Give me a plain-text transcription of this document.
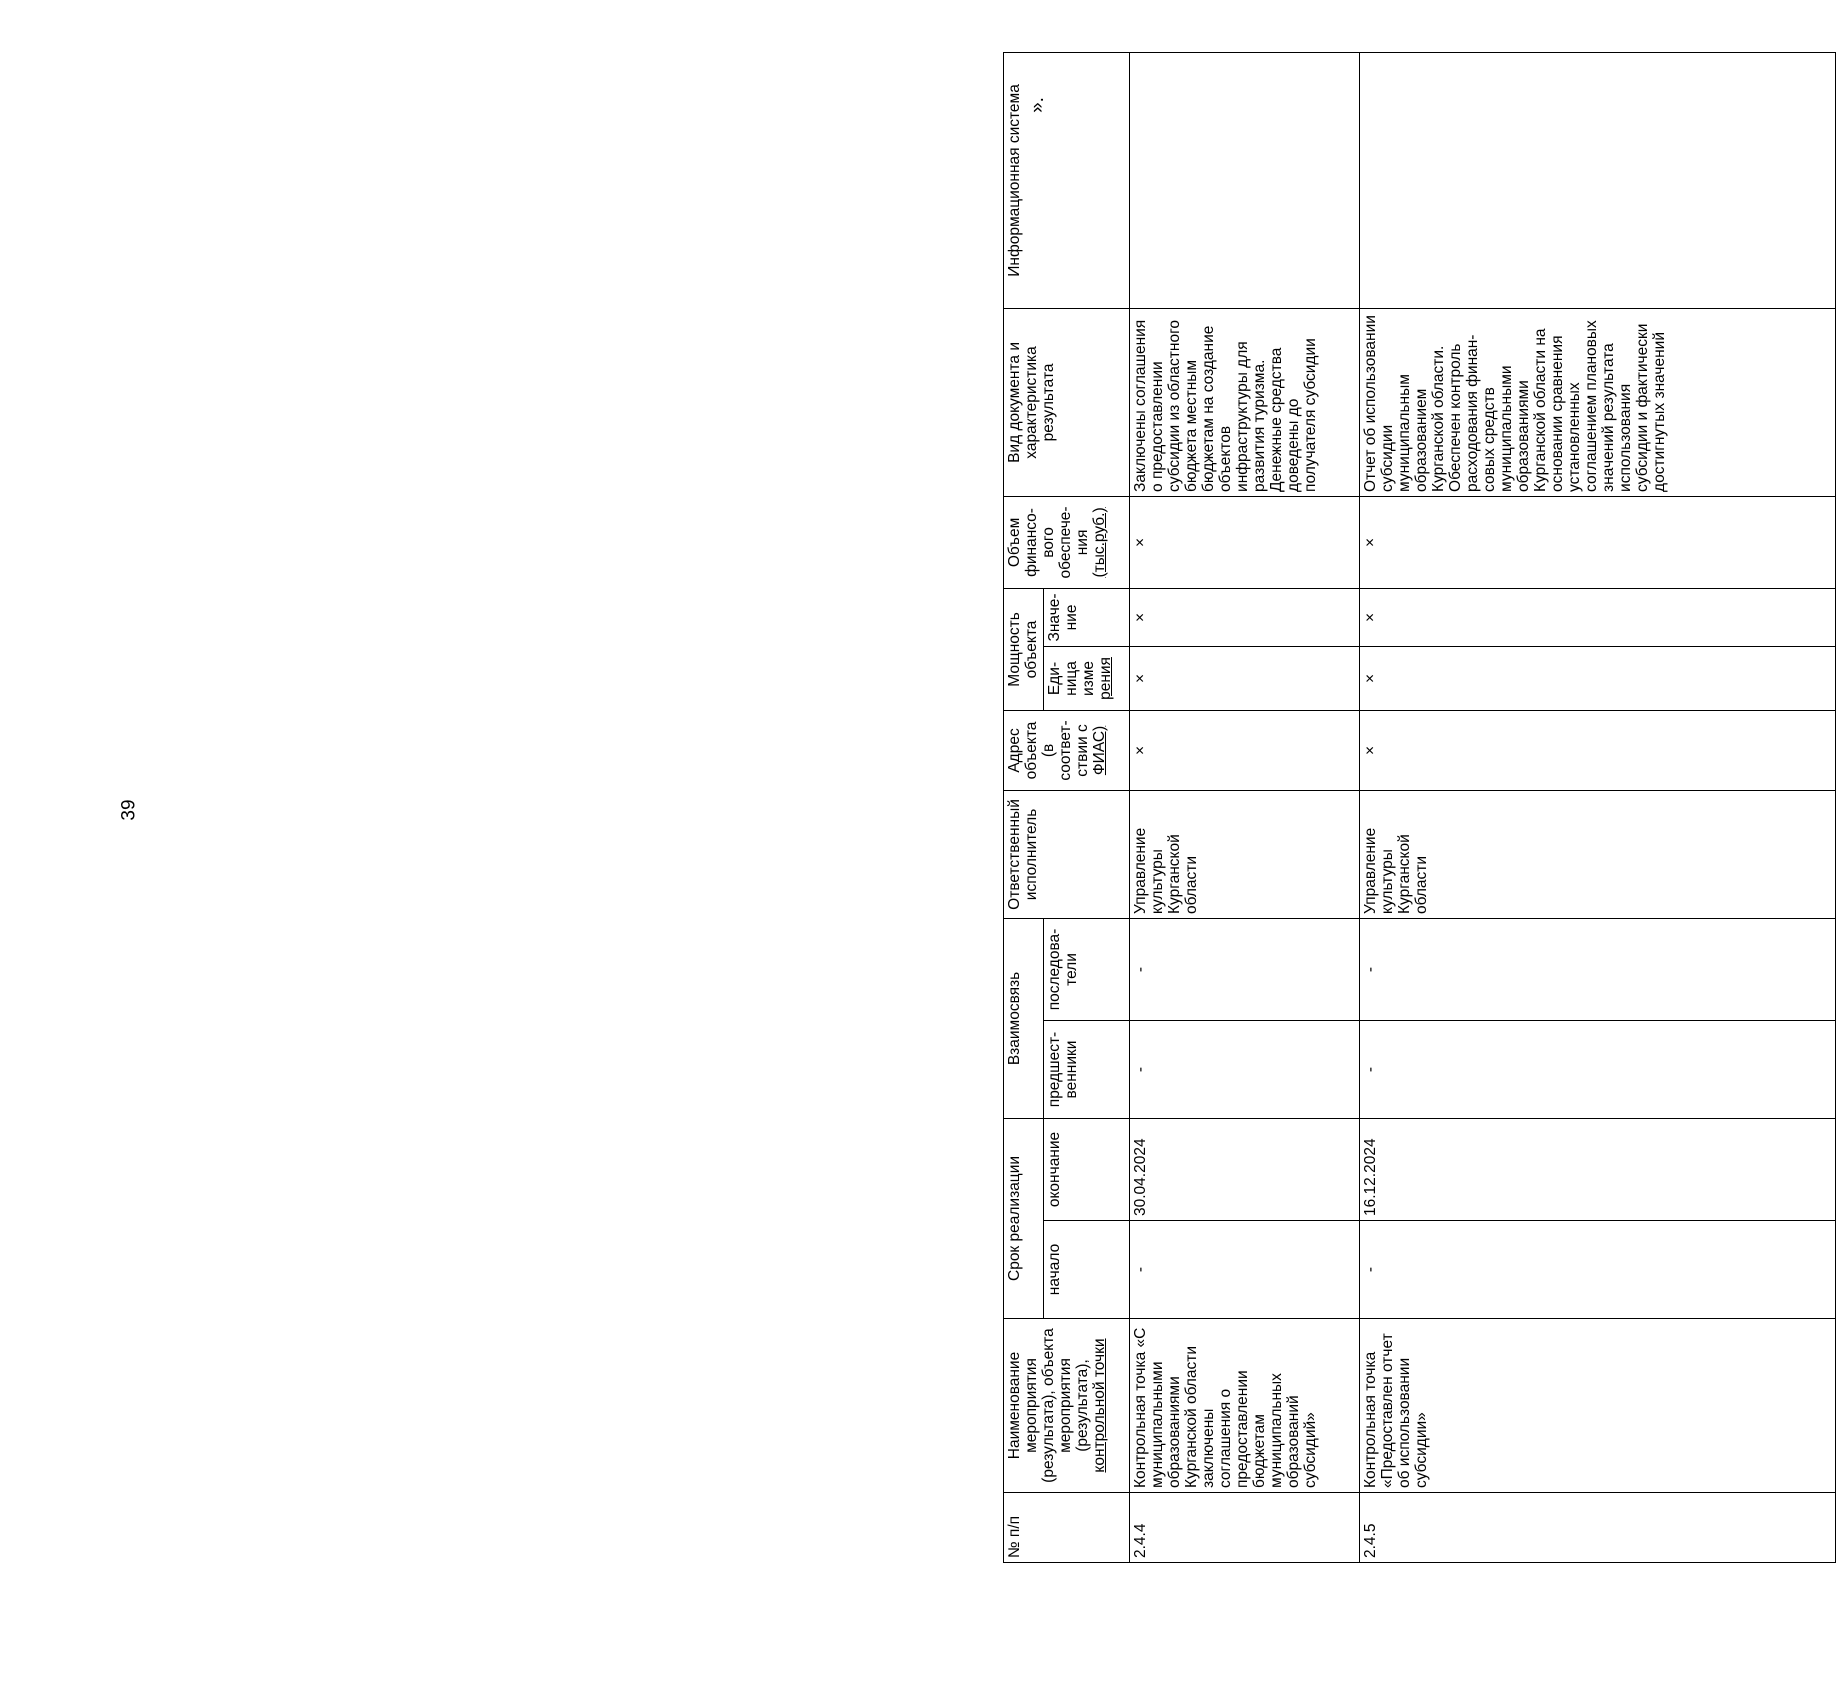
39
№ п/п	Наименование мероприятия (результата), объекта мероприятия (результата), контрольной точки	Срок реализации		Взаимосвязь		Ответственный исполнитель	Адрес объекта (в соответствии с ФИАС)	Мощность объекта		Объем финансового обеспечения (тыс.руб.)	Вид документа и характеристика результата	Информационная система
		начало	окончание	предшественники	последователи			Единица изме рения	Значение			
2.4.4	Контрольная точка «С муниципальными образованиями Курганской области заключены соглашения о предоставлении бюджетам муниципальных образований субсидий»	-	30.04.2024	-	-	Управление культуры Курганской области	×	×	×	×	Заключены соглашения о предоставлении субсидии из областного бюджета местным бюджетам на создание объектов инфраструктуры для развития туризма. Денежные средства доведены до получателя субсидии	
2.4.5	Контрольная точка «Предоставлен отчет об использовании субсидии»	-	16.12.2024	-	-	Управление культуры Курганской области	×	×	×	×	Отчет об использовании субсидии муниципальным образованием Курганской области. Обеспечен контроль расходования финансовых средств муниципальными образованиями Курганской области на основании сравнения установленных соглашением плановых значений результата использования субсидии и фактически достигнутых значений	
».
